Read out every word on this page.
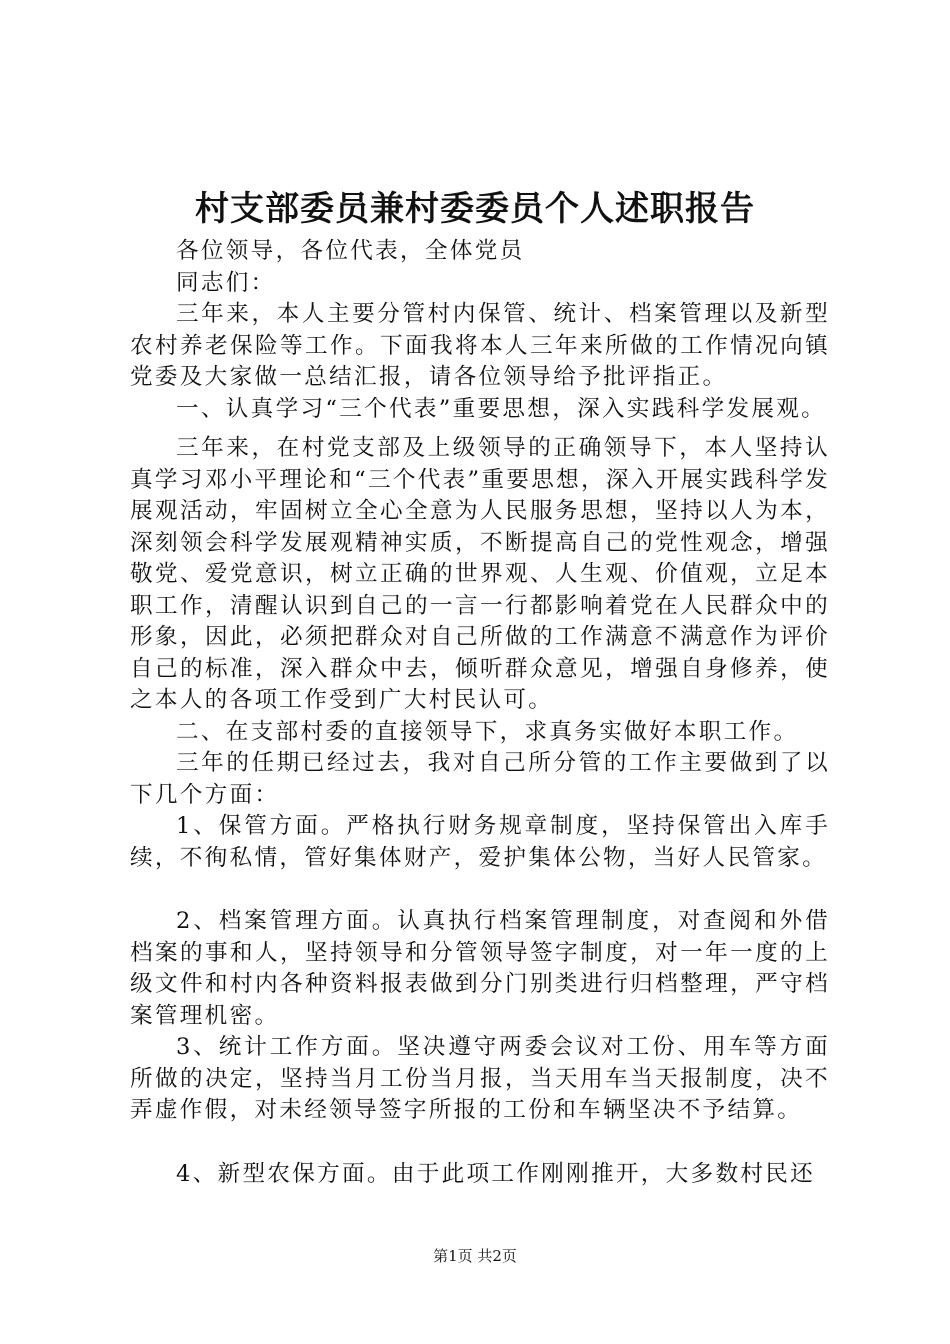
村支部委员兼村委委员个人述职报告

各位领导，各位代表，全体党员

同志们：

三年来，本人主要分管村内保管、统计、档案管理以及新型农村养老保险等工作。下面我将本人三年来所做的工作情况向镇党委及大家做一总结汇报，请各位领导给予批评指正。

一、认真学习“三个代表”重要思想，深入实践科学发展观。

三年来，在村党支部及上级领导的正确领导下，本人坚持认真学习邓小平理论和“三个代表”重要思想，深入开展实践科学发展观活动，牢固树立全心全意为人民服务思想，坚持以人为本，深刻领会科学发展观精神实质，不断提高自己的党性观念，增强敬党、爱党意识，树立正确的世界观、人生观、价值观，立足本职工作，清醒认识到自己的一言一行都影响着党在人民群众中的形象，因此，必须把群众对自己所做的工作满意不满意作为评价自己的标准，深入群众中去，倾听群众意见，增强自身修养，使之本人的各项工作受到广大村民认可。

二、在支部村委的直接领导下，求真务实做好本职工作。

三年的任期已经过去，我对自己所分管的工作主要做到了以下几个方面：

1、保管方面。严格执行财务规章制度，坚持保管出入库手续，不徇私情，管好集体财产，爱护集体公物，当好人民管家。

2、档案管理方面。认真执行档案管理制度，对查阅和外借档案的事和人，坚持领导和分管领导签字制度，对一年一度的上级文件和村内各种资料报表做到分门别类进行归档整理，严守档案管理机密。

3、统计工作方面。坚决遵守两委会议对工份、用车等方面所做的决定，坚持当月工份当月报，当天用车当天报制度，决不弄虚作假，对未经领导签字所报的工份和车辆坚决不予结算。

4、新型农保方面。由于此项工作刚刚推开，大多数村民还

第1页 共2页
